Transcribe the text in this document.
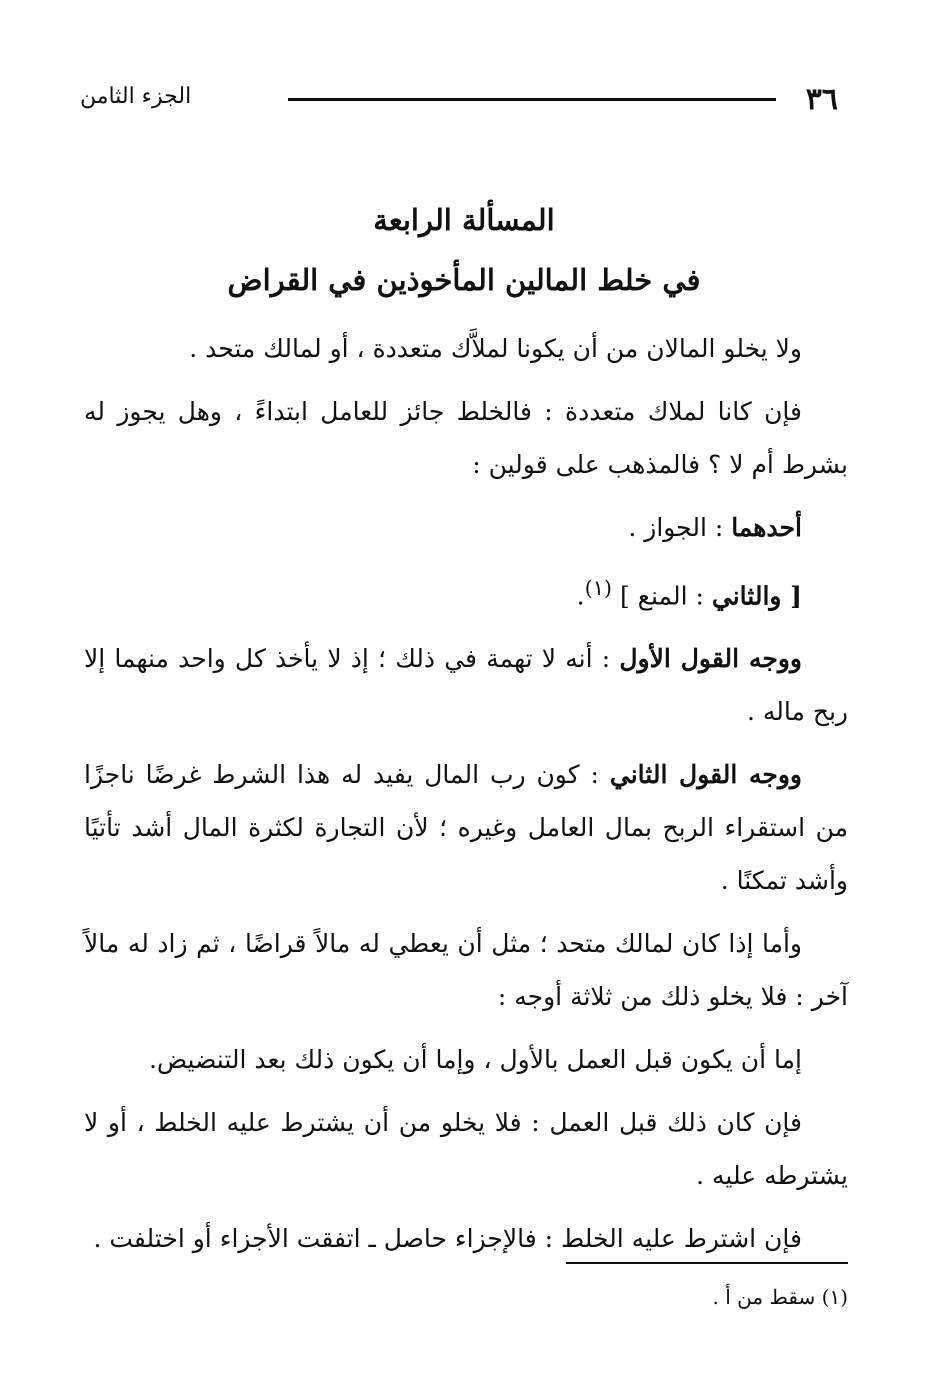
٣٦
الجزء الثامن
المسألة الرابعة
في خلط المالين المأخوذين في القراض

ولا يخلو المالان من أن يكونا لملاَّك متعددة ، أو لمالك متحد .

فإن كانا لملاك متعددة : فالخلط جائز للعامل ابتداءً ، وهل يجوز له بشرط أم لا ؟ فالمذهب على قولين :

أحدهما : الجواز .

[ والثاني : المنع ] $^{(١)}$.

ووجه القول الأول : أنه لا تهمة في ذلك ؛ إذ لا يأخذ كل واحد منهما إلا ربح ماله .

ووجه القول الثاني : كون رب المال يفيد له هذا الشرط غرضًا ناجزًا من استقراء الربح بمال العامل وغيره ؛ لأن التجارة لكثرة المال أشد تأتيًا وأشد تمكنًا .

وأما إذا كان لمالك متحد ؛ مثل أن يعطي له مالاً قراضًا ، ثم زاد له مالاً آخر : فلا يخلو ذلك من ثلاثة أوجه :

إما أن يكون قبل العمل بالأول ، وإما أن يكون ذلك بعد التنضيض.

فإن كان ذلك قبل العمل : فلا يخلو من أن يشترط عليه الخلط ، أو لا يشترطه عليه .

فإن اشترط عليه الخلط : فالإجزاء حاصل ـ اتفقت الأجزاء أو اختلفت .

(١) سقط من أ .
